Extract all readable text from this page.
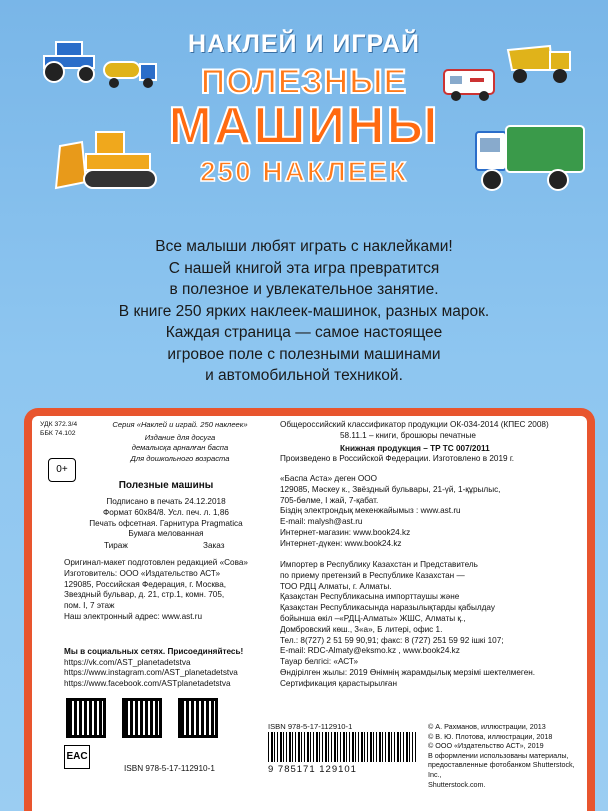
НАКЛЕЙ И ИГРАЙ
ПОЛЕЗНЫЕ
МАШИНЫ
250 НАКЛЕЕК
Все малыши любят играть с наклейками!
С нашей книгой эта игра превратится
в полезное и увлекательное занятие.
В книге 250 ярких наклеек-машинок, разных марок.
Каждая страница — самое настоящее
игровое поле с полезными машинами
и автомобильной техникой.
УДК 372.3/4
ББК 74.102
Серия «Наклей и играй. 250 наклеек»
Издание для досуга
демалысқа арналған баспа
Для дошкольного возраста
0+
Полезные машины
Подписано в печать 24.12.2018
Формат 60х84/8. Усл. печ. л. 1,86
Печать офсетная. Гарнитура Pragmatica
Бумага мелованная
Тираж	Заказ
Оригинал-макет подготовлен редакцией «Сова»
Изготовитель: ООО «Издательство АСТ»
129085, Российская Федерация, г. Москва,
Звездный бульвар, д. 21, стр.1, комн. 705,
пом. I, 7 этаж
Наш электронный адрес: www.ast.ru
Мы в социальных сетях. Присоединяйтесь!
https://vk.com/AST_planetadetstva
https://www.instagram.com/AST_planetadetstva
https://www.facebook.com/ASTplanetadetstva
EAC
ISBN 978-5-17-112910-1
Общероссийский классификатор продукции ОК-034-2014 (КПЕС 2008)
58.11.1 – книги, брошюры печатные
Книжная продукция – ТР ТС 007/2011
Произведено в Российской Федерации. Изготовлено в 2019 г.
«Баспа Аста» деген ООО
129085, Мәскеу к., Звёздный бульвары, 21-үй, 1-құрылыс,
705-бөлме, I жай, 7-қабат.
Біздің электрондық мекенжайымыз : www.ast.ru
E-mail: malysh@ast.ru
Интернет-магазин: www.book24.kz
Интернет-дүкен: www.book24.kz
Импортер в Республику Казахстан и Представитель
по приему претензий в Республике Казахстан —
ТОО РДЦ Алматы, г. Алматы.
Қазақстан Республикасына импорттаушы және
Қазақстан Республикасында наразылықтарды қабылдау
бойынша өкіл –«РДЦ-Алматы» ЖШС, Алматы қ.,
Домбровский көш., 3«а», Б литері, офис 1.
Тел.: 8(727) 2 51 59 90,91; факс: 8 (727) 251 59 92 ішкі 107;
E-mail: RDC-Almaty@eksmo.kz , www.book24.kz
Тауар белгісі: «АСТ»
Өндірілген жылы: 2019 Өнімнің жарамдылық мерзімі шектелмеген.
Сертификация қарастырылған
ISBN 978-5-17-112910-1
9 785171 129101
© А. Рахманов, иллюстрации, 2013
© В. Ю. Плотова, иллюстрации, 2018
© ООО «Издательство АСТ», 2019
В оформлении использованы материалы,
предоставленные фотобанком Shutterstock, Inc.,
Shutterstock.com.
